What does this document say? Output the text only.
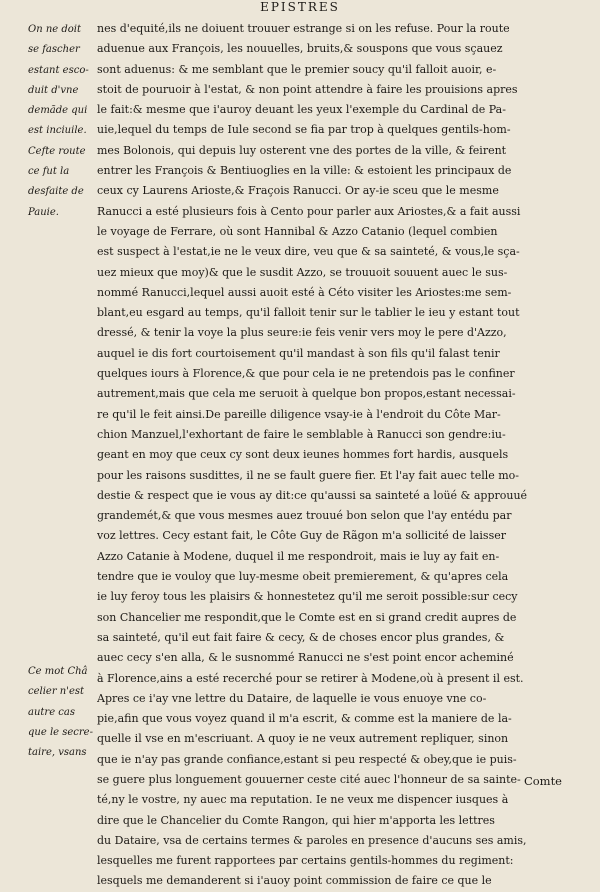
EPISTRES
On ne doit
se fascher
estant esco-
duit d'vne
demãde qui
est inciuile.
Cefte route
ce fut la
desfaite de
Pauie.
Ce mot Châ
celier n'est
autre cas
que le secre-
taire, vsans
nes d'equité,ils ne doiuent trouuer estrange si on les refuse. Pour la route
aduenue aux François, les nouuelles, bruits,& souspons que vous sçauez
sont aduenus: & me semblant que le premier soucy qu'il falloit auoir, e-
stoit de pouruoir à l'estat, & non point attendre à faire les prouisions apres
le fait:& mesme que i'auroy deuant les yeux l'exemple du Cardinal de Pa-
uie,lequel du temps de Iule second se fia par trop à quelques gentils-hom-
mes Bolonois, qui depuis luy osterent vne des portes de la ville, & feirent
entrer les François & Bentiuoglies en la ville: & estoient les principaux de
ceux cy Laurens Arioste,& Fraçois Ranucci. Or ay-ie sceu que le mesme
Ranucci a esté plusieurs fois à Cento pour parler aux Ariostes,& a fait aussi
le voyage de Ferrare, où sont Hannibal & Azzo Catanio (lequel combien
est suspect à l'estat,ie ne le veux dire, veu que & sa sainteté, & vous,le sça-
uez mieux que moy)& que le susdit Azzo, se trouuoit souuent auec le sus-
nommé Ranucci,lequel aussi auoit esté à Céto visiter les Ariostes:me sem-
blant,eu esgard au temps, qu'il falloit tenir sur le tablier le ieu y estant tout
dressé, & tenir la voye la plus seure:ie feis venir vers moy le pere d'Azzo,
auquel ie dis fort courtoisement qu'il mandast à son fils qu'il falast tenir
quelques iours à Florence,& que pour cela ie ne pretendois pas le confiner
autrement,mais que cela me seruoit à quelque bon propos,estant necessai-
re qu'il le feit ainsi.De pareille diligence vsay-ie à l'endroit du Côte Mar-
chion Manzuel,l'exhortant de faire le semblable à Ranucci son gendre:iu-
geant en moy que ceux cy sont deux ieunes hommes fort hardis, ausquels
pour les raisons susdittes, il ne se fault guere fier. Et l'ay fait auec telle mo-
destie & respect que ie vous ay dit:ce qu'aussi sa sainteté a loüé & approuué
grandemét,& que vous mesmes auez trouué bon selon que l'ay entédu par
voz lettres. Cecy estant fait, le Côte Guy de Rãgon m'a sollicité de laisser
Azzo Catanie à Modene, duquel il me respondroit, mais ie luy ay fait en-
tendre que ie vouloy que luy-mesme obeit premierement, & qu'apres cela
ie luy feroy tous les plaisirs & honnestetez qu'il me seroit possible:sur cecy
son Chancelier me respondit,que le Comte est en si grand credit aupres de
sa sainteté, qu'il eut fait faire & cecy, & de choses encor plus grandes, &
auec cecy s'en alla, & le susnommé Ranucci ne s'est point encor acheminé
à Florence,ains a esté recerché pour se retirer à Modene,où à present il est.
Apres ce i'ay vne lettre du Dataire, de laquelle ie vous enuoye vne co-
pie,afin que vous voyez quand il m'a escrit, & comme est la maniere de la-
quelle il vse en m'escriuant. A quoy ie ne veux autrement repliquer, sinon
que ie n'ay pas grande confiance,estant si peu respecté & obey,que ie puis-
se guere plus longuement gouuerner ceste cité auec l'honneur de sa sainte-
té,ny le vostre, ny auec ma reputation. Ie ne veux me dispencer iusques à
dire que le Chancelier du Comte Rangon, qui hier m'apporta les lettres
du Dataire, vsa de certains termes & paroles en presence d'aucuns ses amis,
lesquelles me furent rapportees par certains gentils-hommes du regiment:
lesquels me demanderent si i'auoy point commission de faire ce que le
Comte
